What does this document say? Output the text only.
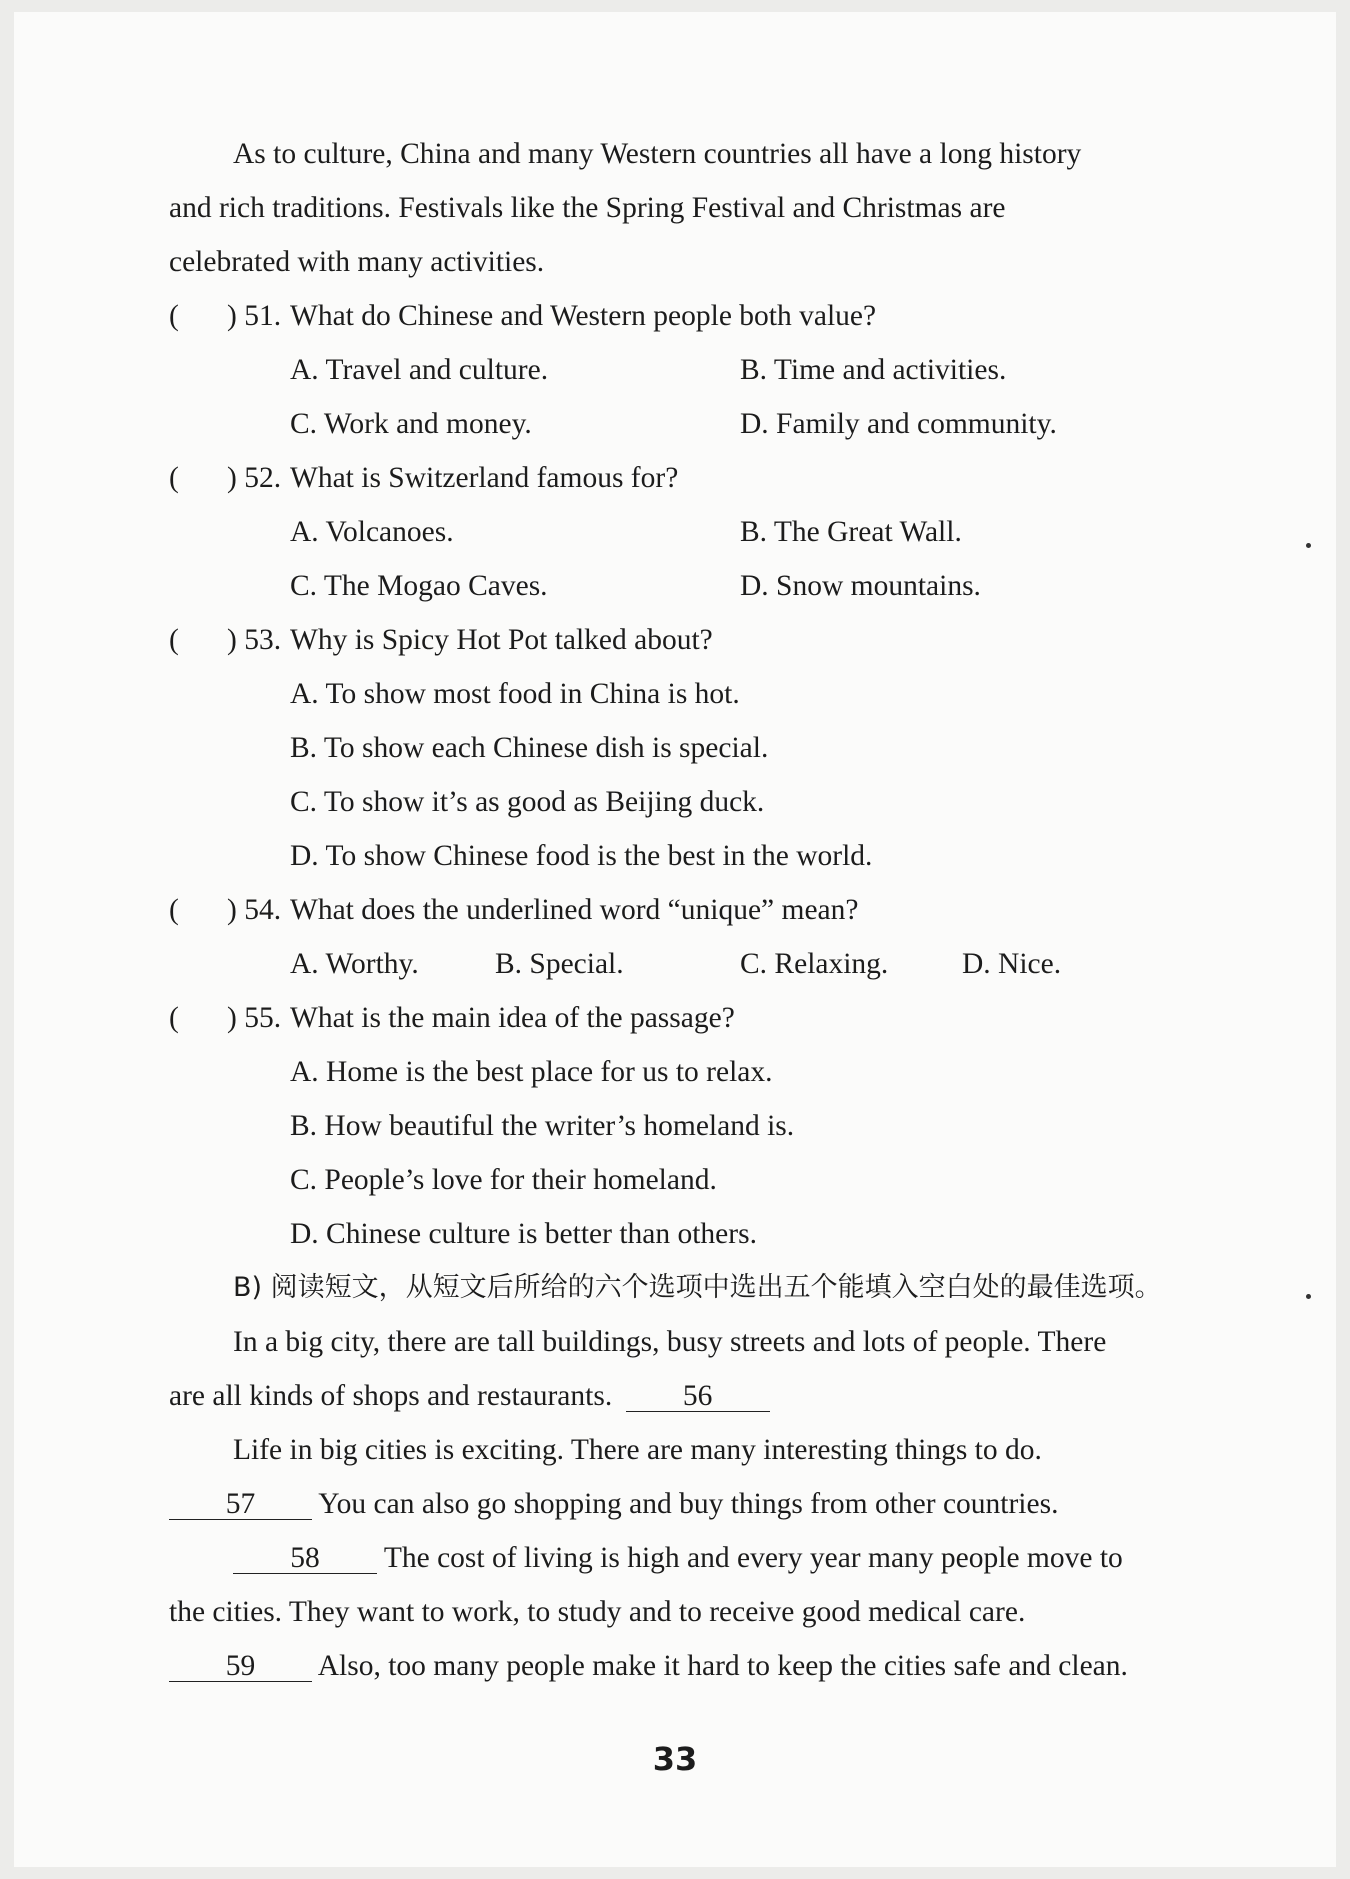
As to culture, China and many Western countries all have a long history
and rich traditions. Festivals like the Spring Festival and Christmas are
celebrated with many activities.
( ) 51. What do Chinese and Western people both value?
A. Travel and culture.	B. Time and activities.
C. Work and money.	D. Family and community.
( ) 52. What is Switzerland famous for?
A. Volcanoes.	B. The Great Wall.
C. The Mogao Caves.	D. Snow mountains.
( ) 53. Why is Spicy Hot Pot talked about?
A. To show most food in China is hot.
B. To show each Chinese dish is special.
C. To show it’s as good as Beijing duck.
D. To show Chinese food is the best in the world.
( ) 54. What does the underlined word “unique” mean?
A. Worthy.	B. Special.	C. Relaxing. D. Nice.
( ) 55. What is the main idea of the passage?
A. Home is the best place for us to relax.
B. How beautiful the writer’s homeland is.
C. People’s love for their homeland.
D. Chinese culture is better than others.
B) 阅读短文，从短文后所给的六个选项中选出五个能填入空白处的最佳选项。
In a big city, there are tall buildings, busy streets and lots of people. There
are all kinds of shops and restaurants. 56
Life in big cities is exciting. There are many interesting things to do.
57 You can also go shopping and buy things from other countries.
58 The cost of living is high and every year many people move to
the cities. They want to work, to study and to receive good medical care.
59 Also, too many people make it hard to keep the cities safe and clean.
33
